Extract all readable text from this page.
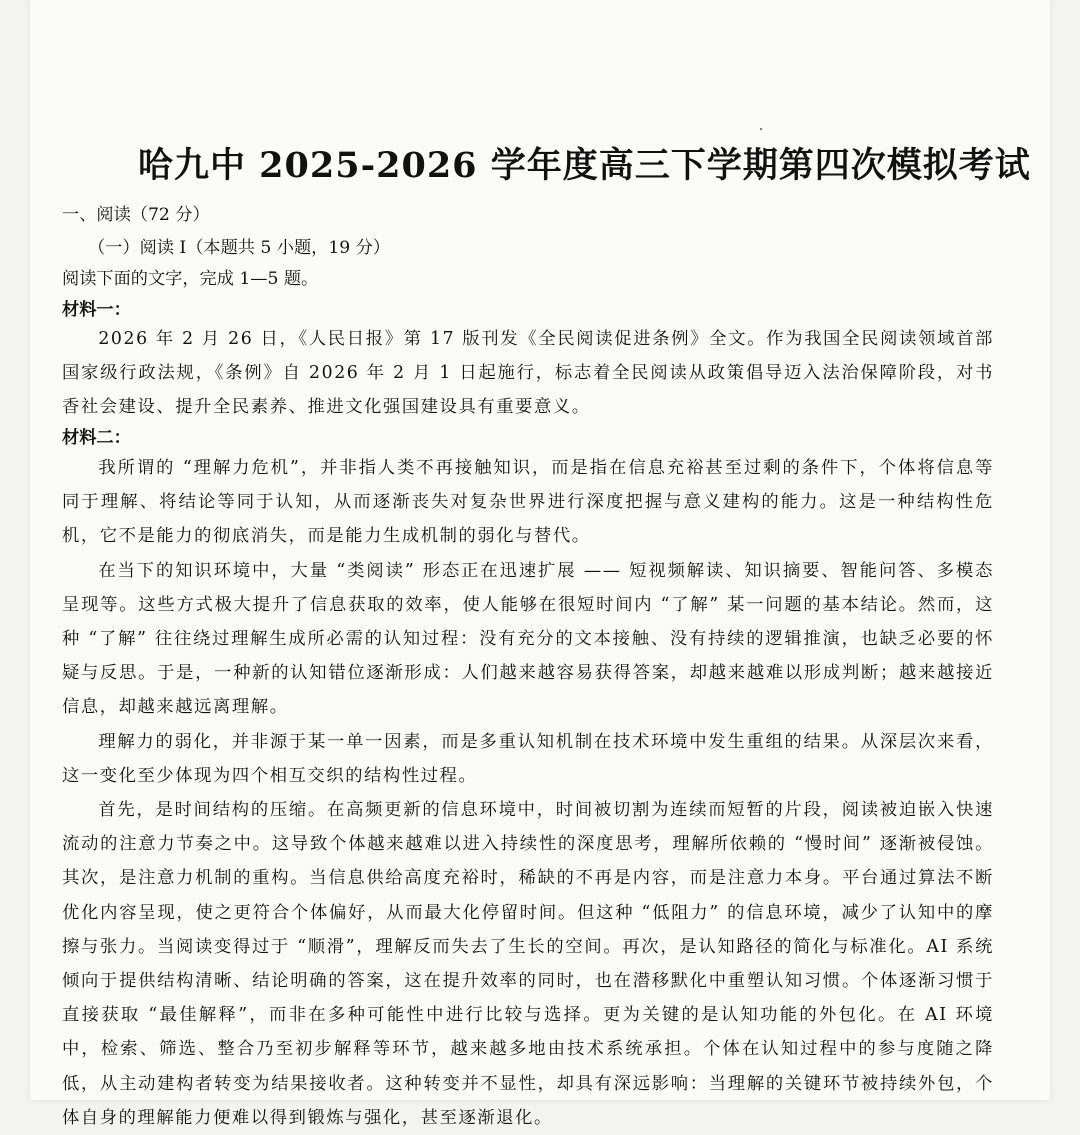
哈九中 2025-2026 学年度高三下学期第四次模拟考试
一、阅读（72 分）
（一）阅读 I（本题共 5 小题，19 分）
阅读下面的文字，完成 1—5 题。
材料一：

2026 年 2 月 26 日，《人民日报》第 17 版刊发《全民阅读促进条例》全文。作为我国全民阅读领域首部国家级行政法规，《条例》自 2026 年 2 月 1 日起施行，标志着全民阅读从政策倡导迈入法治保障阶段，对书香社会建设、提升全民素养、推进文化强国建设具有重要意义。

材料二：

我所谓的 “理解力危机”，并非指人类不再接触知识，而是指在信息充裕甚至过剩的条件下，个体将信息等同于理解、将结论等同于认知，从而逐渐丧失对复杂世界进行深度把握与意义建构的能力。这是一种结构性危机，它不是能力的彻底消失，而是能力生成机制的弱化与替代。

在当下的知识环境中，大量 “类阅读” 形态正在迅速扩展 —— 短视频解读、知识摘要、智能问答、多模态呈现等。这些方式极大提升了信息获取的效率，使人能够在很短时间内 “了解” 某一问题的基本结论。然而，这种 “了解” 往往绕过理解生成所必需的认知过程：没有充分的文本接触、没有持续的逻辑推演，也缺乏必要的怀疑与反思。于是，一种新的认知错位逐渐形成：人们越来越容易获得答案，却越来越难以形成判断；越来越接近信息，却越来越远离理解。

理解力的弱化，并非源于某一单一因素，而是多重认知机制在技术环境中发生重组的结果。从深层次来看，这一变化至少体现为四个相互交织的结构性过程。

首先，是时间结构的压缩。在高频更新的信息环境中，时间被切割为连续而短暂的片段，阅读被迫嵌入快速流动的注意力节奏之中。这导致个体越来越难以进入持续性的深度思考，理解所依赖的 “慢时间” 逐渐被侵蚀。其次，是注意力机制的重构。当信息供给高度充裕时，稀缺的不再是内容，而是注意力本身。平台通过算法不断优化内容呈现，使之更符合个体偏好，从而最大化停留时间。但这种 “低阻力” 的信息环境，减少了认知中的摩擦与张力。当阅读变得过于 “顺滑”，理解反而失去了生长的空间。再次，是认知路径的简化与标准化。AI 系统倾向于提供结构清晰、结论明确的答案，这在提升效率的同时，也在潜移默化中重塑认知习惯。个体逐渐习惯于直接获取 “最佳解释”，而非在多种可能性中进行比较与选择。更为关键的是认知功能的外包化。在 AI 环境中，检索、筛选、整合乃至初步解释等环节，越来越多地由技术系统承担。个体在认知过程中的参与度随之降低，从主动建构者转变为结果接收者。这种转变并不显性，却具有深远影响：当理解的关键环节被持续外包，个体自身的理解能力便难以得到锻炼与强化，甚至逐渐退化。
